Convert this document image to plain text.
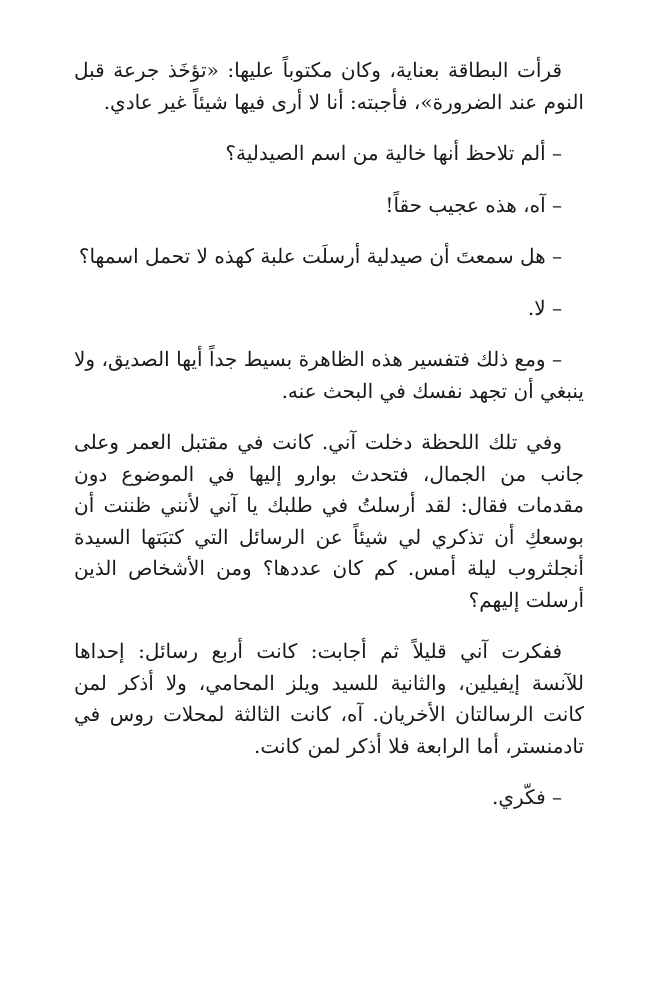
قرأت البطاقة بعناية، وكان مكتوباً عليها: «تؤخَذ جرعة قبل النوم عند الضرورة»، فأجبته: أنا لا أرى فيها شيئاً غير عادي.

– ألم تلاحظ أنها خالية من اسم الصيدلية؟

– آه، هذه عجيب حقاً!

– هل سمعتَ أن صيدلية أرسلَت علبة كهذه لا تحمل اسمها؟

– لا.

– ومع ذلك فتفسير هذه الظاهرة بسيط جداً أيها الصديق، ولا ينبغي أن تجهد نفسك في البحث عنه.

وفي تلك اللحظة دخلت آني. كانت في مقتبل العمر وعلى جانب من الجمال، فتحدث بوارو إليها في الموضوع دون مقدمات فقال: لقد أرسلتُ في طلبك يا آني لأنني ظننت أن بوسعكِ أن تذكري لي شيئاً عن الرسائل التي كتبَتها السيدة أنجلثروب ليلة أمس. كم كان عددها؟ ومن الأشخاص الذين أرسلت إليهم؟

ففكرت آني قليلاً ثم أجابت: كانت أربع رسائل: إحداها للآنسة إيفيلين، والثانية للسيد ويلز المحامي، ولا أذكر لمن كانت الرسالتان الأخريان. آه، كانت الثالثة لمحلات روس في تادمنستر، أما الرابعة فلا أذكر لمن كانت.

– فكّري.
